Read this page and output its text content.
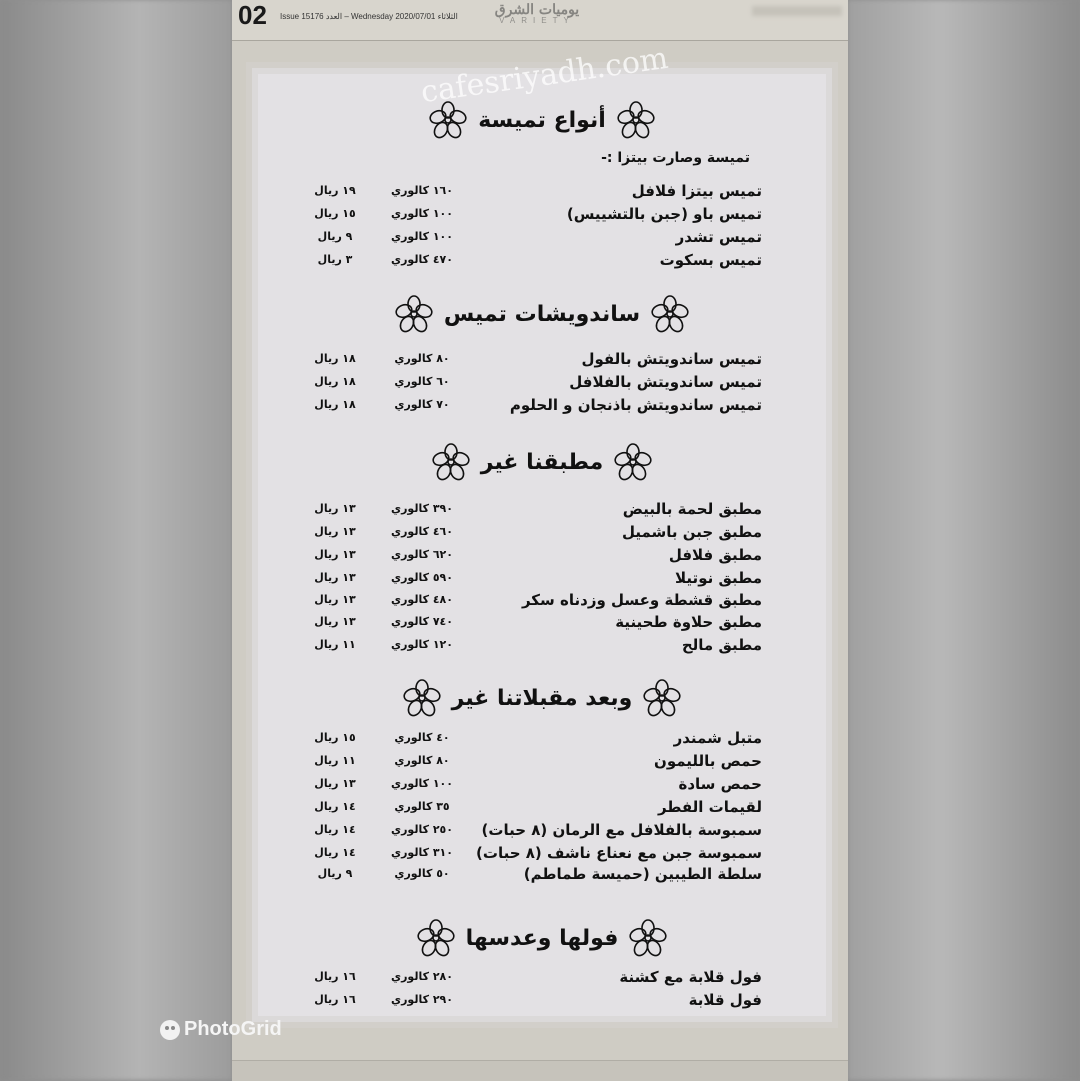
02 Issue 15176 العدد – Wednesday 2020/07/01 الثلاثاء	يوميات الشرق
VARIETY
cafesriyadh.com
أنواع تميسة
تميسة وصارت بيتزا :-
تميس بيتزا فلافل
١٦٠ كالوري
١٩ ريال
تميس باو (جبن بالتشييس)
١٠٠ كالوري
١٥ ريال
تميس تشدر
١٠٠ كالوري
٩ ريال
تميس بسكوت
٤٧٠ كالوري
٣ ريال
ساندويشات تميس
تميس ساندويتش بالفول
٨٠ كالوري
١٨ ريال
تميس ساندويتش بالفلافل
٦٠ كالوري
١٨ ريال
تميس ساندويتش باذنجان و الحلوم
٧٠ كالوري
١٨ ريال
مطبقنا غير
مطبق لحمة بالبيض
٣٩٠ كالوري
١٣ ريال
مطبق جبن باشميل
٤٦٠ كالوري
١٣ ريال
مطبق فلافل
٦٢٠ كالوري
١٣ ريال
مطبق نوتيلا
٥٩٠ كالوري
١٣ ريال
مطبق قشطة وعسل وزدناه سكر
٤٨٠ كالوري
١٣ ريال
مطبق حلاوة طحينية
٧٤٠ كالوري
١٣ ريال
مطبق مالح
١٢٠ كالوري
١١ ريال
وبعد مقبلاتنا غير
متبل شمندر
٤٠ كالوري
١٥ ريال
حمص بالليمون
٨٠ كالوري
١١ ريال
حمص سادة
١٠٠ كالوري
١٣ ريال
لقيمات الفطر
٣٥ كالوري
١٤ ريال
سمبوسة بالفلافل مع الرمان (٨ حبات)
٢٥٠ كالوري
١٤ ريال
سمبوسة جبن مع نعناع ناشف (٨ حبات)
٣١٠ كالوري
١٤ ريال
سلطة الطيبين (حميسة طماطم)
٥٠ كالوري
٩ ريال
فولها وعدسها
فول قلابة مع كشنة
٢٨٠ كالوري
١٦ ريال
فول قلابة
٢٩٠ كالوري
١٦ ريال
PhotoGrid
